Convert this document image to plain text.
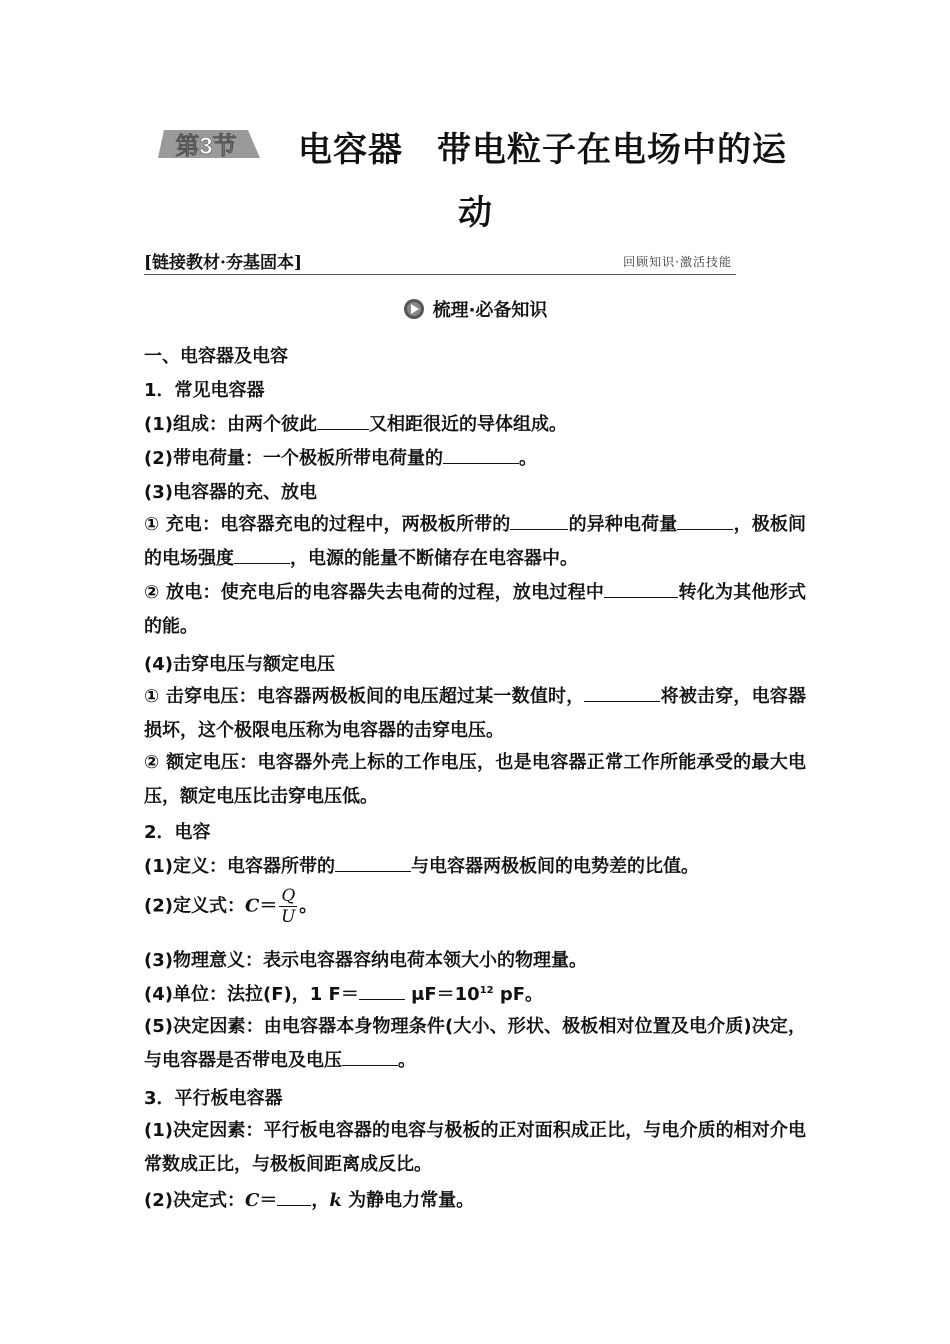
第3节 电容器 带电粒子在电场中的运
动
[链接教材·夯基固本]	回顾知识·激活技能
梳理·必备知识
一、电容器及电容
1．常见电容器
(1)组成：由两个彼此	又相距很近的导体组成。
(2)带电荷量：一个极板所带电荷量的	。
(3)电容器的充、放电
① 充电：电容器充电的过程中，两极板所带的	的异种电荷量	，极板间的电场强度	，电源的能量不断储存在电容器中。
② 放电：使充电后的电容器失去电荷的过程，放电过程中	转化为其他形式的能。
(4)击穿电压与额定电压
① 击穿电压：电容器两极板间的电压超过某一数值时，	将被击穿，电容器损坏，这个极限电压称为电容器的击穿电压。
② 额定电压：电容器外壳上标的工作电压，也是电容器正常工作所能承受的最大电压，额定电压比击穿电压低。
2．电容
(1)定义：电容器所带的	与电容器两极板间的电势差的比值。
(2)定义式：$C= \frac{Q}{U}$ 。
(3)物理意义：表示电容器容纳电荷本领大小的物理量。
(4)单位：法拉(F)，1 F＝	$\mu F=10^{12}$ pF。
(5)决定因素：由电容器本身物理条件(大小、形状、极板相对位置及电介质)决定，与电容器是否带电及电压	。
3．平行板电容器
(1)决定因素：平行板电容器的电容与极板的正对面积成正比，与电介质的相对介电常数成正比，与极板间距离成反比。
(2)决定式：C＝ ，k 为静电力常量。
